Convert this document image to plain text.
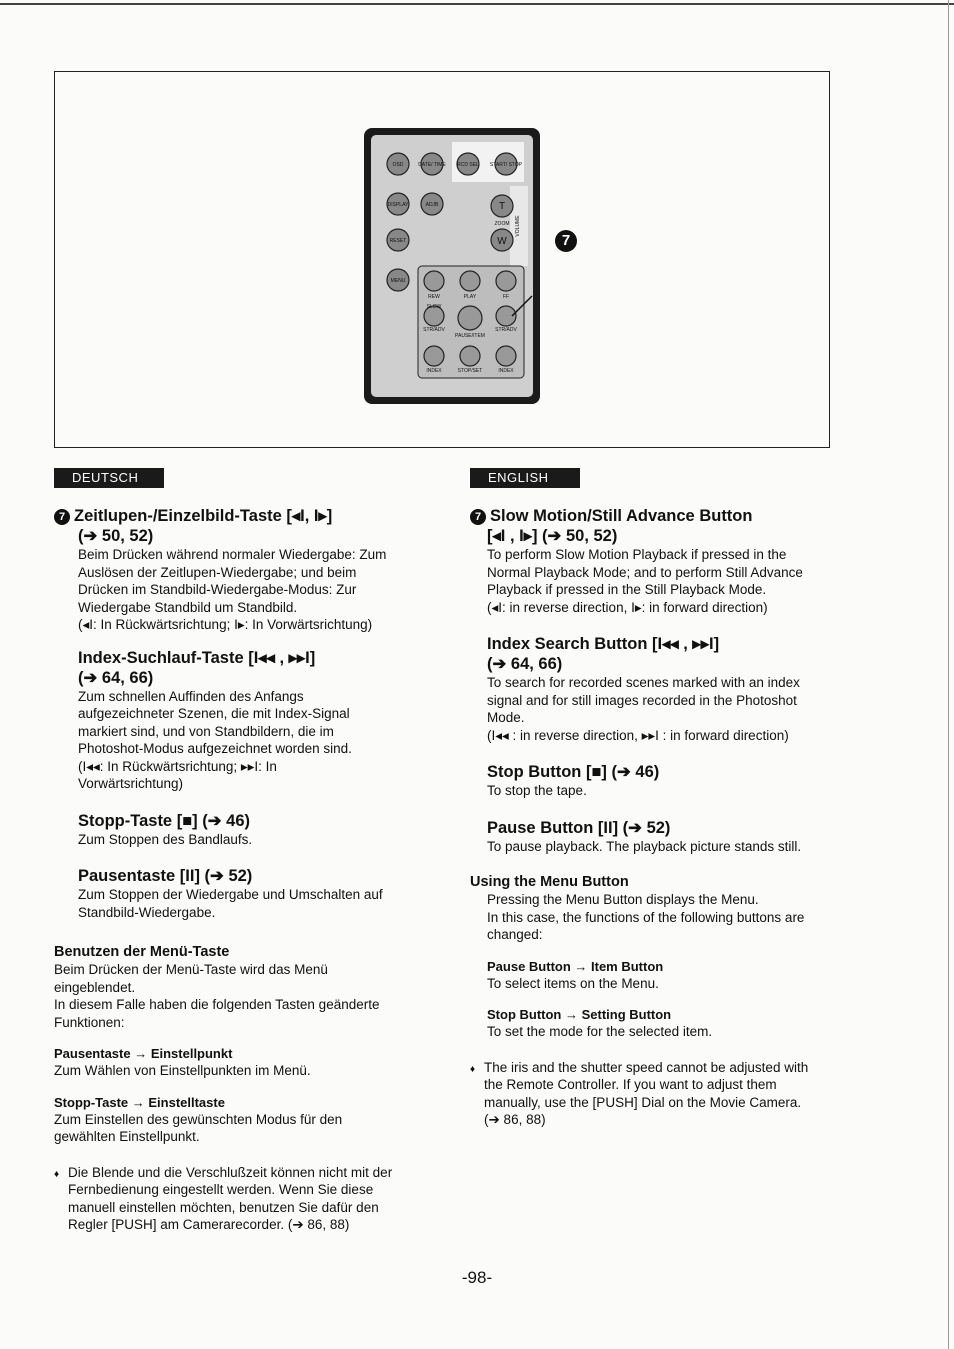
OSD	DATE/ TIME RCD SEL START/ STOP
DISPLAY	ADJB	T
W
ZOOM VOLUME
RESET
MENU
REW	PLAY	FF
SLOW
STR/ADV	STR/ADV
PAUSE/ITEM
INDEX	STOP/SET	INDEX
7
DEUTSCH	ENGLISH

7 Zeitlupen-/Einzelbild-Taste [◂I, I▸]

(➔ 50, 52)

Beim Drücken während normaler Wiedergabe: Zum

Auslösen der Zeitlupen-Wiedergabe; und beim

Drücken im Standbild-Wiedergabe-Modus: Zur

Wiedergabe Standbild um Standbild.

(◂I: In Rückwärtsrichtung; I▸: In Vorwärtsrichtung)

Index-Suchlauf-Taste [I◂◂ , ▸▸I]

(➔ 64, 66)

Zum schnellen Auffinden des Anfangs

aufgezeichneter Szenen, die mit Index-Signal

markiert sind, und von Standbildern, die im

Photoshot-Modus aufgezeichnet worden sind.

(I◂◂: In Rückwärtsrichtung; ▸▸I: In

Vorwärtsrichtung)

Stopp-Taste [■] (➔ 46)

Zum Stoppen des Bandlaufs.

Pausentaste [II] (➔ 52)

Zum Stoppen der Wiedergabe und Umschalten auf

Standbild-Wiedergabe.

Benutzen der Menü-Taste

Beim Drücken der Menü-Taste wird das Menü

eingeblendet.

In diesem Falle haben die folgenden Tasten geänderte

Funktionen:

Pausentaste → Einstellpunkt

Zum Wählen von Einstellpunkten im Menü.

Stopp-Taste → Einstelltaste

Zum Einstellen des gewünschten Modus für den

gewählten Einstellpunkt.

♦ Die Blende und die Verschlußzeit können nicht mit der

Fernbedienung eingestellt werden. Wenn Sie diese

manuell einstellen möchten, benutzen Sie dafür den

Regler [PUSH] am Camerarecorder. (➔ 86, 88)

7 Slow Motion/Still Advance Button

[◂I , I▸] (➔ 50, 52)

To perform Slow Motion Playback if pressed in the

Normal Playback Mode; and to perform Still Advance

Playback if pressed in the Still Playback Mode.

(◂I: in reverse direction, I▸: in forward direction)

Index Search Button [I◂◂ , ▸▸I]

(➔ 64, 66)

To search for recorded scenes marked with an index

signal and for still images recorded in the Photoshot

Mode.

(I◂◂ : in reverse direction, ▸▸I : in forward direction)

Stop Button [■] (➔ 46)

To stop the tape.

Pause Button [II] (➔ 52)

To pause playback. The playback picture stands still.

Using the Menu Button

Pressing the Menu Button displays the Menu.

In this case, the functions of the following buttons are

changed:

Pause Button → Item Button

To select items on the Menu.

Stop Button → Setting Button

To set the mode for the selected item.

♦ The iris and the shutter speed cannot be adjusted with

the Remote Controller. If you want to adjust them

manually, use the [PUSH] Dial on the Movie Camera.

(➔ 86, 88)

-98-
